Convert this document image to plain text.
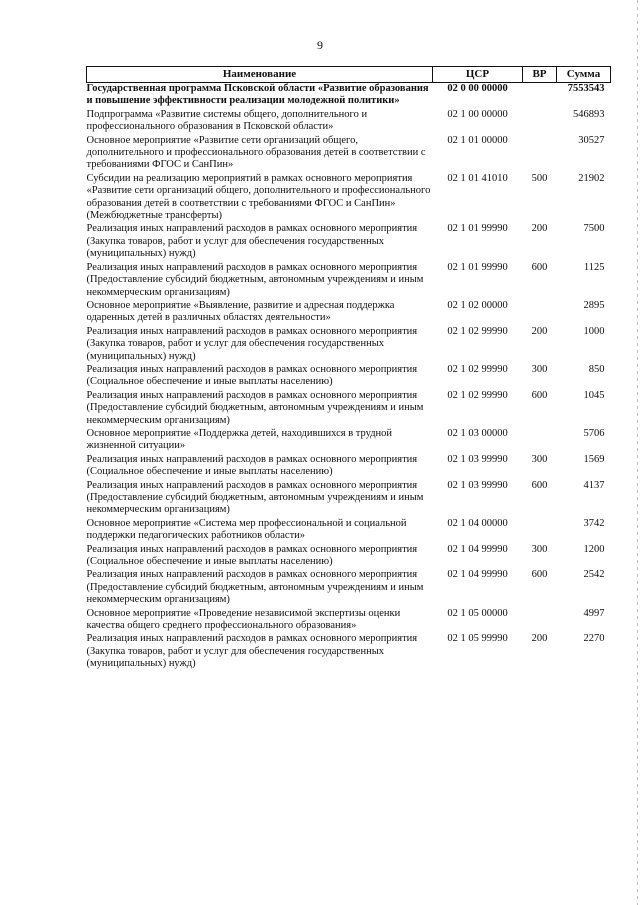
9
Наименование	ЦСР	ВР	Сумма
Государственная программа Псковской области «Развитие образования и повышение эффективности реализации молодежной политики»	02 0 00 00000		7553543
Подпрограмма «Развитие системы общего, дополнительного и профессионального образования в Псковской области»	02 1 00 00000		546893
Основное мероприятие «Развитие сети организаций общего, дополнительного и профессионального образования детей в соответствии с требованиями ФГОС и СанПин»	02 1 01 00000		30527
Субсидии на реализацию мероприятий в рамках основного мероприятия «Развитие сети организаций общего, дополнительного и профессионального образования детей в соответствии с требованиями ФГОС и СанПин» (Межбюджетные трансферты)	02 1 01 41010	500	21902
Реализация иных направлений расходов в рамках основного мероприятия (Закупка товаров, работ и услуг для обеспечения государственных (муниципальных) нужд)	02 1 01 99990	200	7500
Реализация иных направлений расходов в рамках основного мероприятия (Предоставление субсидий бюджетным, автономным учреждениям и иным некоммерческим организациям)	02 1 01 99990	600	1125
Основное мероприятие «Выявление, развитие и адресная поддержка одаренных детей в различных областях деятельности»	02 1 02 00000		2895
Реализация иных направлений расходов в рамках основного мероприятия (Закупка товаров, работ и услуг для обеспечения государственных (муниципальных) нужд)	02 1 02 99990	200	1000
Реализация иных направлений расходов в рамках основного мероприятия (Социальное обеспечение и иные выплаты населению)	02 1 02 99990	300	850
Реализация иных направлений расходов в рамках основного мероприятия (Предоставление субсидий бюджетным, автономным учреждениям и иным некоммерческим организациям)	02 1 02 99990	600	1045
Основное мероприятие «Поддержка детей, находившихся в трудной жизненной ситуации»	02 1 03 00000		5706
Реализация иных направлений расходов в рамках основного мероприятия (Социальное обеспечение и иные выплаты населению)	02 1 03 99990	300	1569
Реализация иных направлений расходов в рамках основного мероприятия (Предоставление субсидий бюджетным, автономным учреждениям и иным некоммерческим организациям)	02 1 03 99990	600	4137
Основное мероприятие «Система мер профессиональной и социальной поддержки педагогических работников области»	02 1 04 00000		3742
Реализация иных направлений расходов в рамках основного мероприятия (Социальное обеспечение и иные выплаты населению)	02 1 04 99990	300	1200
Реализация иных направлений расходов в рамках основного мероприятия (Предоставление субсидий бюджетным, автономным учреждениям и иным некоммерческим организациям)	02 1 04 99990	600	2542
Основное мероприятие «Проведение независимой экспертизы оценки качества общего среднего профессионального образования»	02 1 05 00000		4997
Реализация иных направлений расходов в рамках основного мероприятия (Закупка товаров, работ и услуг для обеспечения государственных (муниципальных) нужд)	02 1 05 99990	200	2270
